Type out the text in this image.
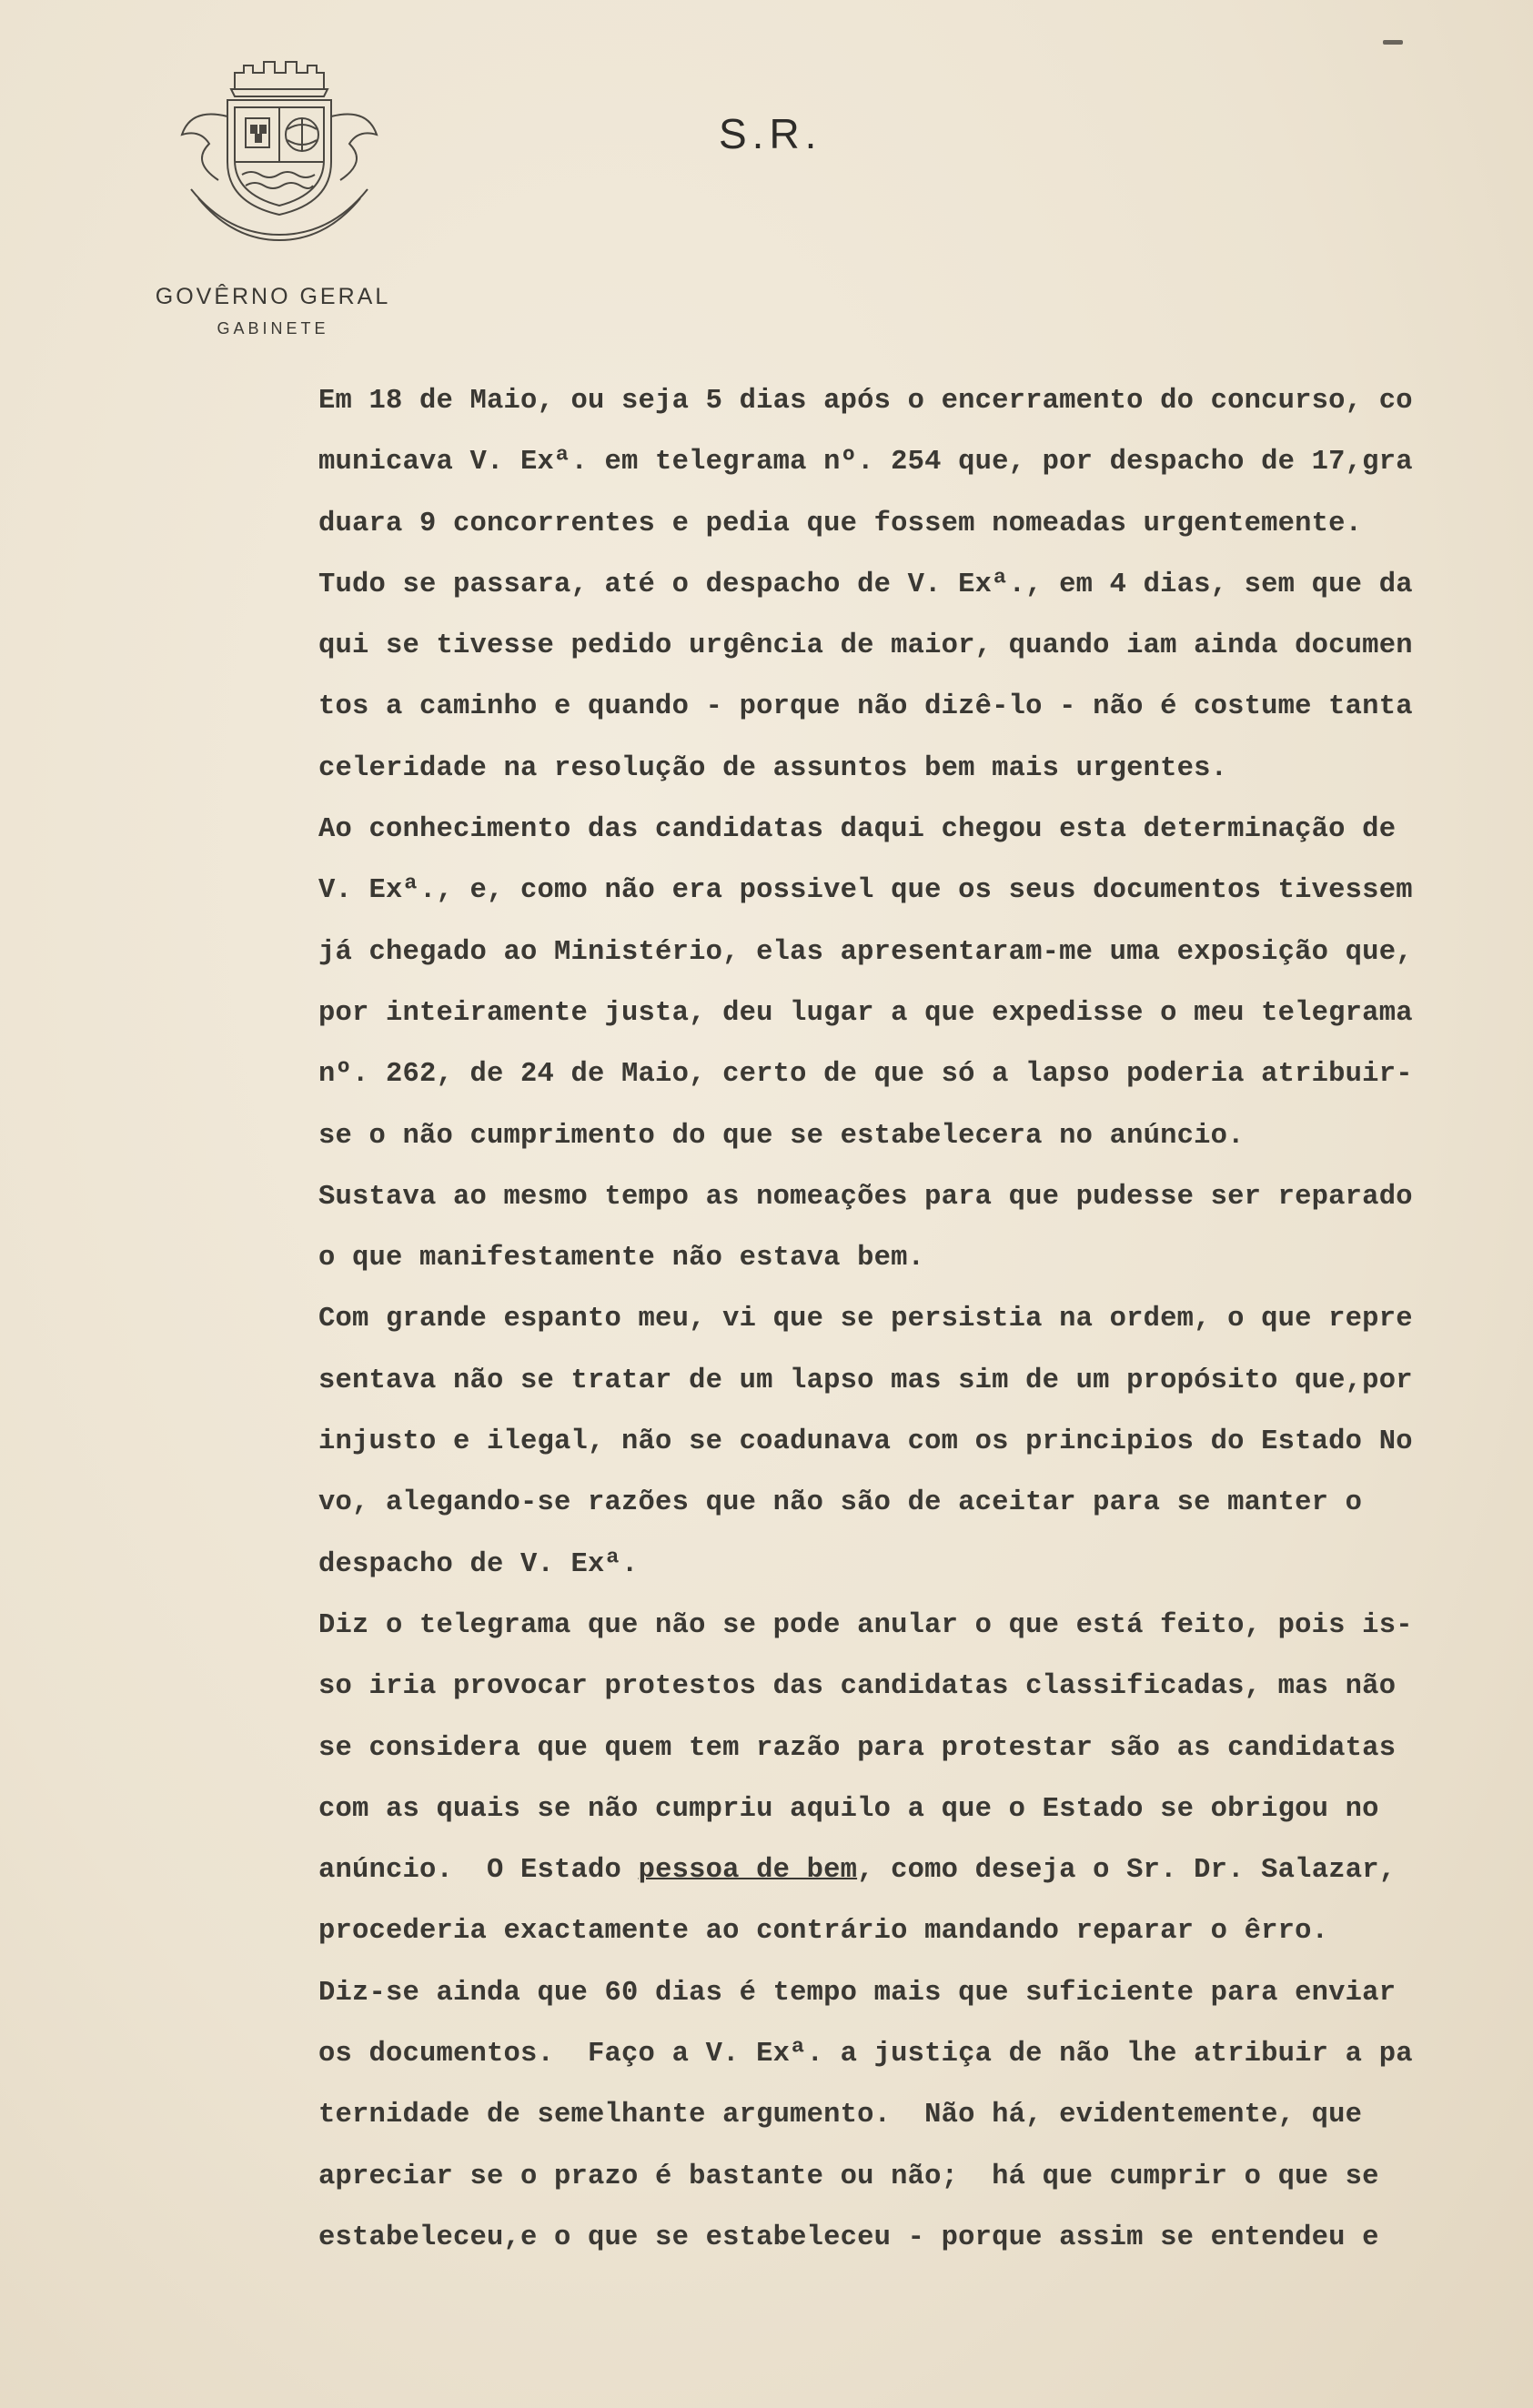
GOVÊRNO GERAL
GABINETE
S.R.
Em 18 de Maio, ou seja 5 dias após o encerramento do concurso, co
municava V. Exª. em telegrama nº. 254 que, por despacho de 17,gra
duara 9 concorrentes e pedia que fossem nomeadas urgentemente.
Tudo se passara, até o despacho de V. Exª., em 4 dias, sem que da
qui se tivesse pedido urgência de maior, quando iam ainda documen
tos a caminho e quando - porque não dizê-lo - não é costume tanta
celeridade na resolução de assuntos bem mais urgentes.
Ao conhecimento das candidatas daqui chegou esta determinação de
V. Exª., e, como não era possivel que os seus documentos tivessem
já chegado ao Ministério, elas apresentaram-me uma exposição que,
por inteiramente justa, deu lugar a que expedisse o meu telegrama
nº. 262, de 24 de Maio, certo de que só a lapso poderia atribuir-
se o não cumprimento do que se estabelecera no anúncio.
Sustava ao mesmo tempo as nomeações para que pudesse ser reparado
o que manifestamente não estava bem.
Com grande espanto meu, vi que se persistia na ordem, o que repre
sentava não se tratar de um lapso mas sim de um propósito que,por
injusto e ilegal, não se coadunava com os principios do Estado No
vo, alegando-se razões que não são de aceitar para se manter o
despacho de V. Exª.
Diz o telegrama que não se pode anular o que está feito, pois is-
so iria provocar protestos das candidatas classificadas, mas não
se considera que quem tem razão para protestar são as candidatas
com as quais se não cumpriu aquilo a que o Estado se obrigou no
anúncio.  O Estado pessoa de bem, como deseja o Sr. Dr. Salazar,
procederia exactamente ao contrário mandando reparar o êrro.
Diz-se ainda que 60 dias é tempo mais que suficiente para enviar
os documentos.  Faço a V. Exª. a justiça de não lhe atribuir a pa
ternidade de semelhante argumento.  Não há, evidentemente, que
apreciar se o prazo é bastante ou não;  há que cumprir o que se
estabeleceu,e o que se estabeleceu - porque assim se entendeu e
